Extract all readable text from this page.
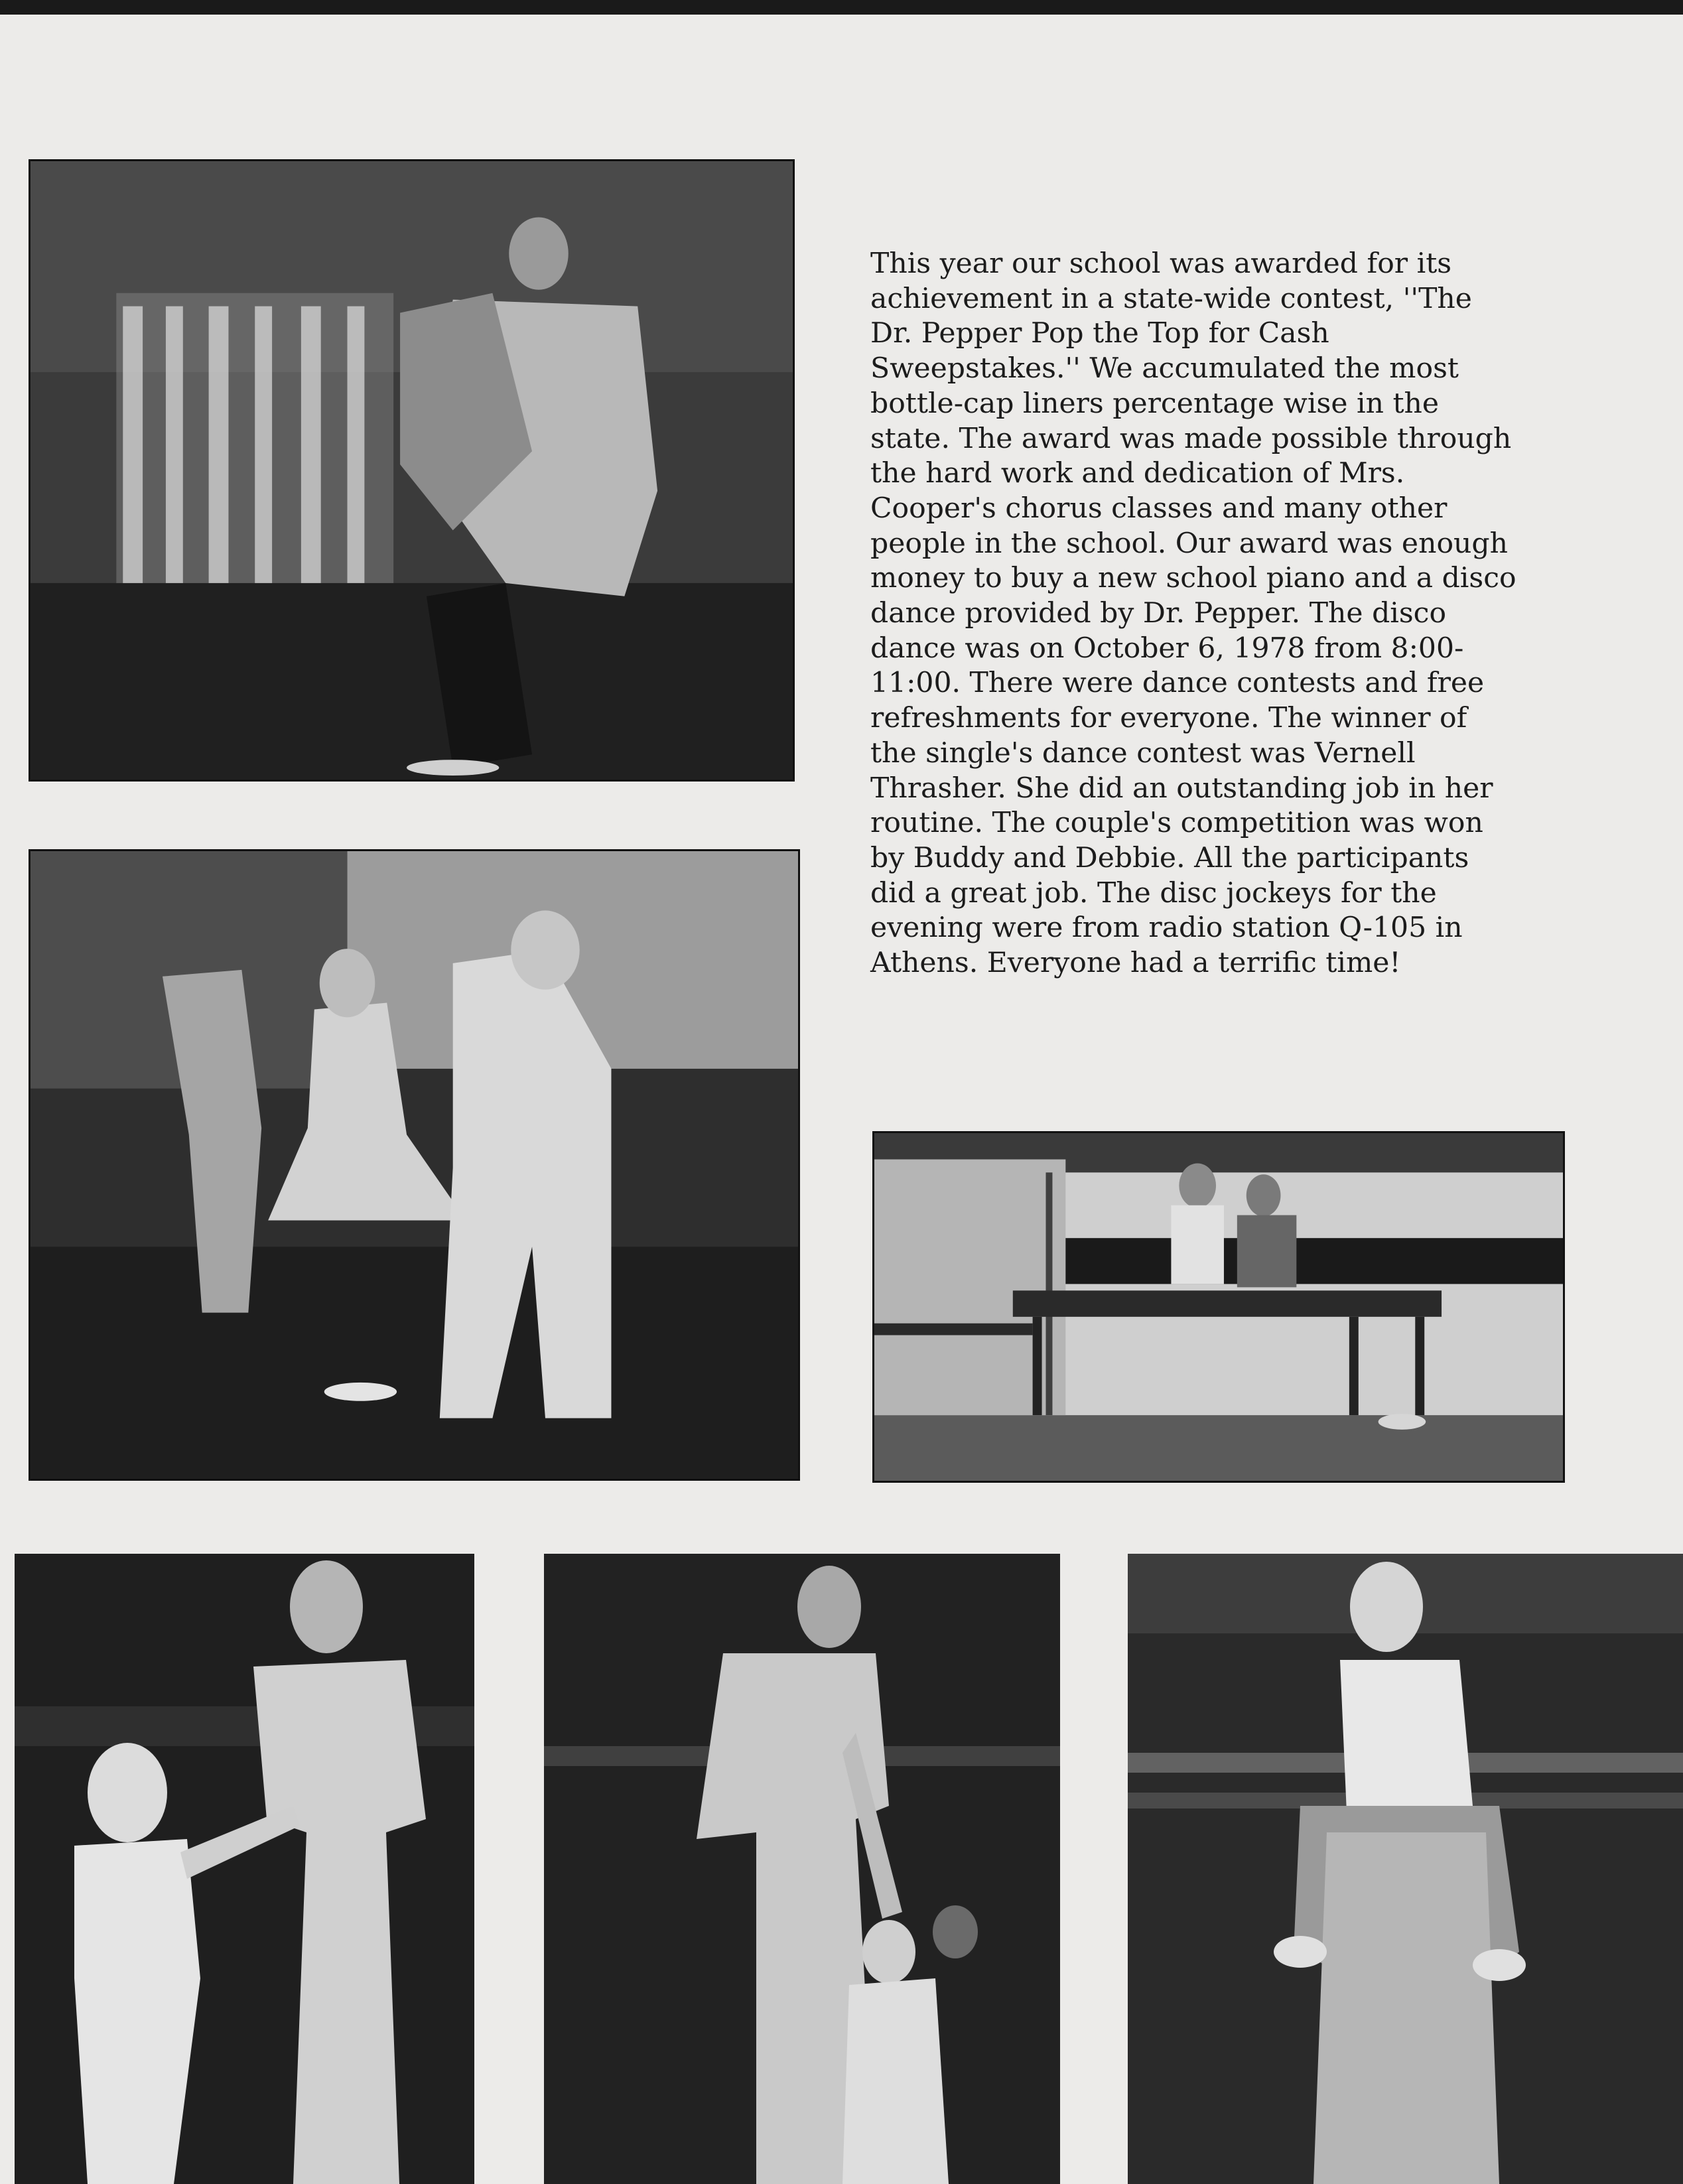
This year our school was awarded for its
achievement in a state-wide contest, ''The
Dr. Pepper Pop the Top for Cash
Sweepstakes.'' We accumulated the most
bottle-cap liners percentage wise in the
state. The award was made possible through
the hard work and dedication of Mrs.
Cooper's chorus classes and many other
people in the school. Our award was enough
money to buy a new school piano and a disco
dance provided by Dr. Pepper. The disco
dance was on October 6, 1978 from 8:00-
11:00. There were dance contests and free
refreshments for everyone. The winner of
the single's dance contest was Vernell
Thrasher. She did an outstanding job in her
routine. The couple's competition was won
by Buddy and Debbie. All the participants
did a great job. The disc jockeys for the
evening were from radio station Q-105 in
Athens. Everyone had a terrific time!
